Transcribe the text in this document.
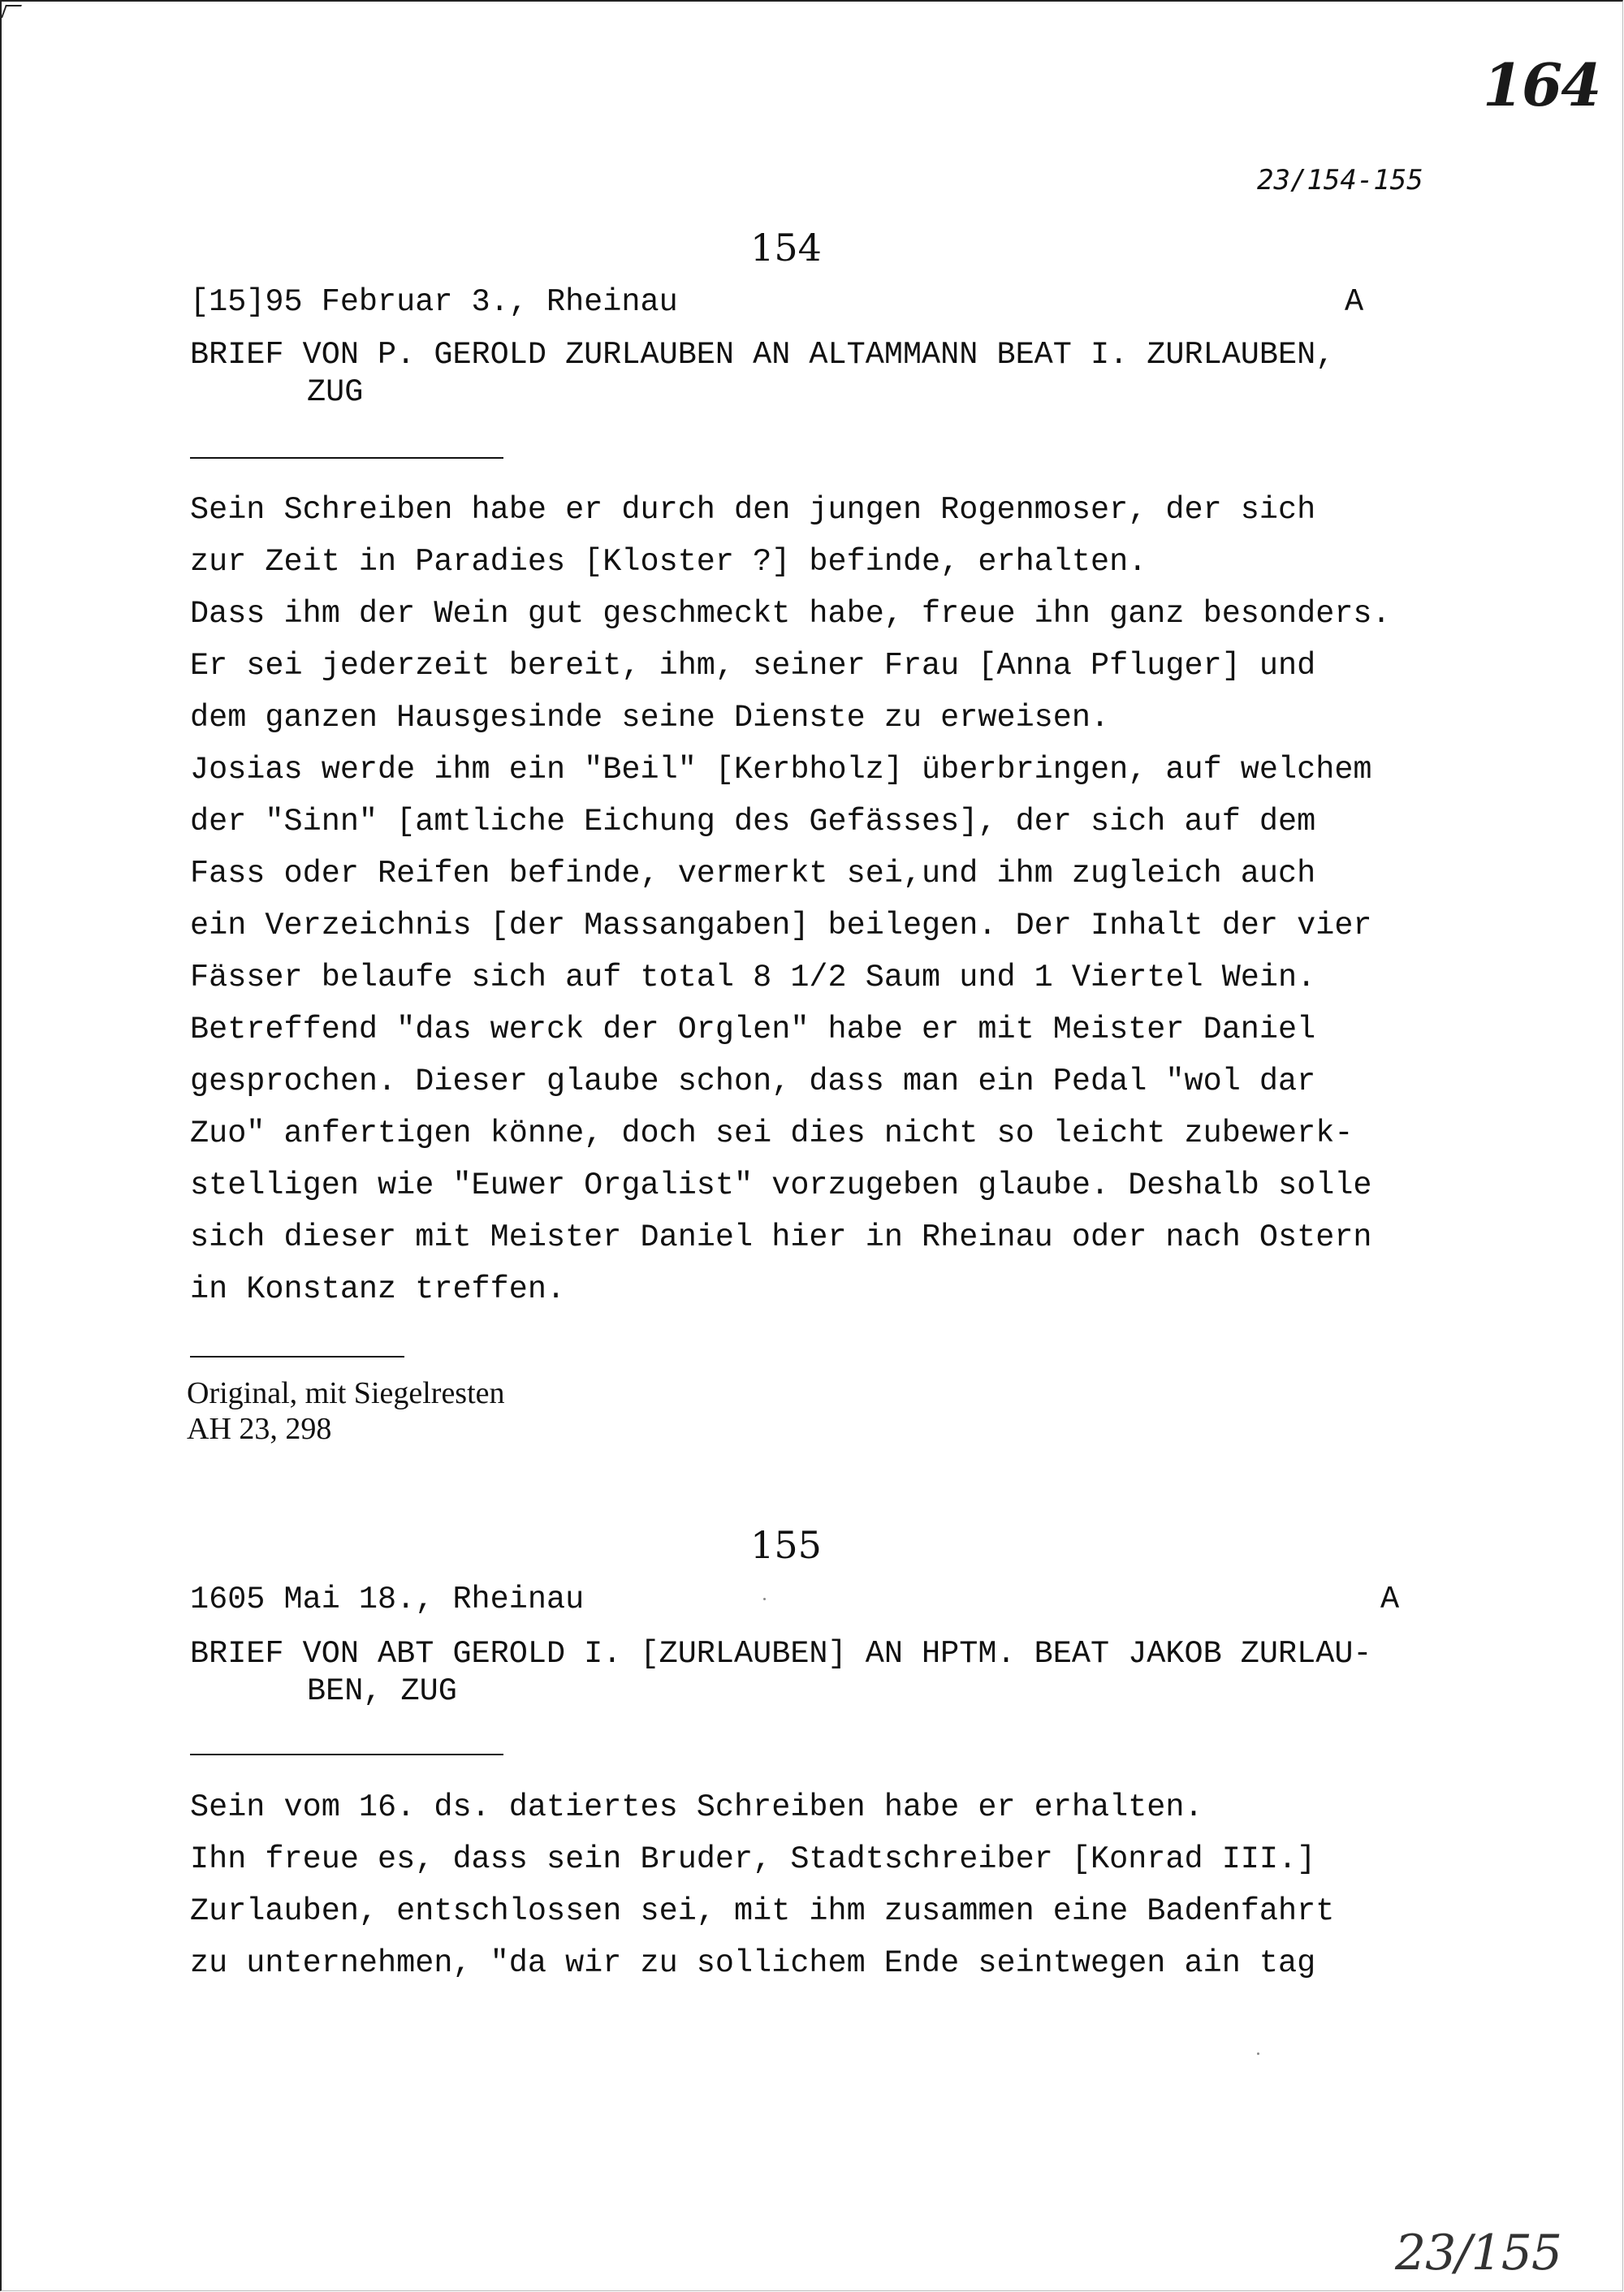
164
23/154-155
154
[15]95 Februar 3., Rheinau	A
BRIEF VON P. GEROLD ZURLAUBEN AN ALTAMMANN BEAT I. ZURLAUBEN,
ZUG

Sein Schreiben habe er durch den jungen Rogenmoser, der sich

zur Zeit in Paradies [Kloster ?] befinde, erhalten.

Dass ihm der Wein gut geschmeckt habe, freue ihn ganz besonders.

Er sei jederzeit bereit, ihm, seiner Frau [Anna Pfluger] und

dem ganzen Hausgesinde seine Dienste zu erweisen.

Josias werde ihm ein "Beil" [Kerbholz] überbringen, auf welchem

der "Sinn" [amtliche Eichung des Gefässes], der sich auf dem

Fass oder Reifen befinde, vermerkt sei,und ihm zugleich auch

ein Verzeichnis [der Massangaben] beilegen. Der Inhalt der vier

Fässer belaufe sich auf total 8 1/2 Saum und 1 Viertel Wein.

Betreffend "das werck der Orglen" habe er mit Meister Daniel

gesprochen. Dieser glaube schon, dass man ein Pedal "wol dar

Zuo" anfertigen könne, doch sei dies nicht so leicht zubewerk-

stelligen wie "Euwer Orgalist" vorzugeben glaube. Deshalb solle

sich dieser mit Meister Daniel hier in Rheinau oder nach Ostern

in Konstanz treffen.

Original, mit Siegelresten

AH 23, 298

155
1605 Mai 18., Rheinau	A
BRIEF VON ABT GEROLD I. [ZURLAUBEN] AN HPTM. BEAT JAKOB ZURLAU-
BEN, ZUG

Sein vom 16. ds. datiertes Schreiben habe er erhalten.

Ihn freue es, dass sein Bruder, Stadtschreiber [Konrad III.]

Zurlauben, entschlossen sei, mit ihm zusammen eine Badenfahrt

zu unternehmen, "da wir zu sollichem Ende seintwegen ain tag

23/155
